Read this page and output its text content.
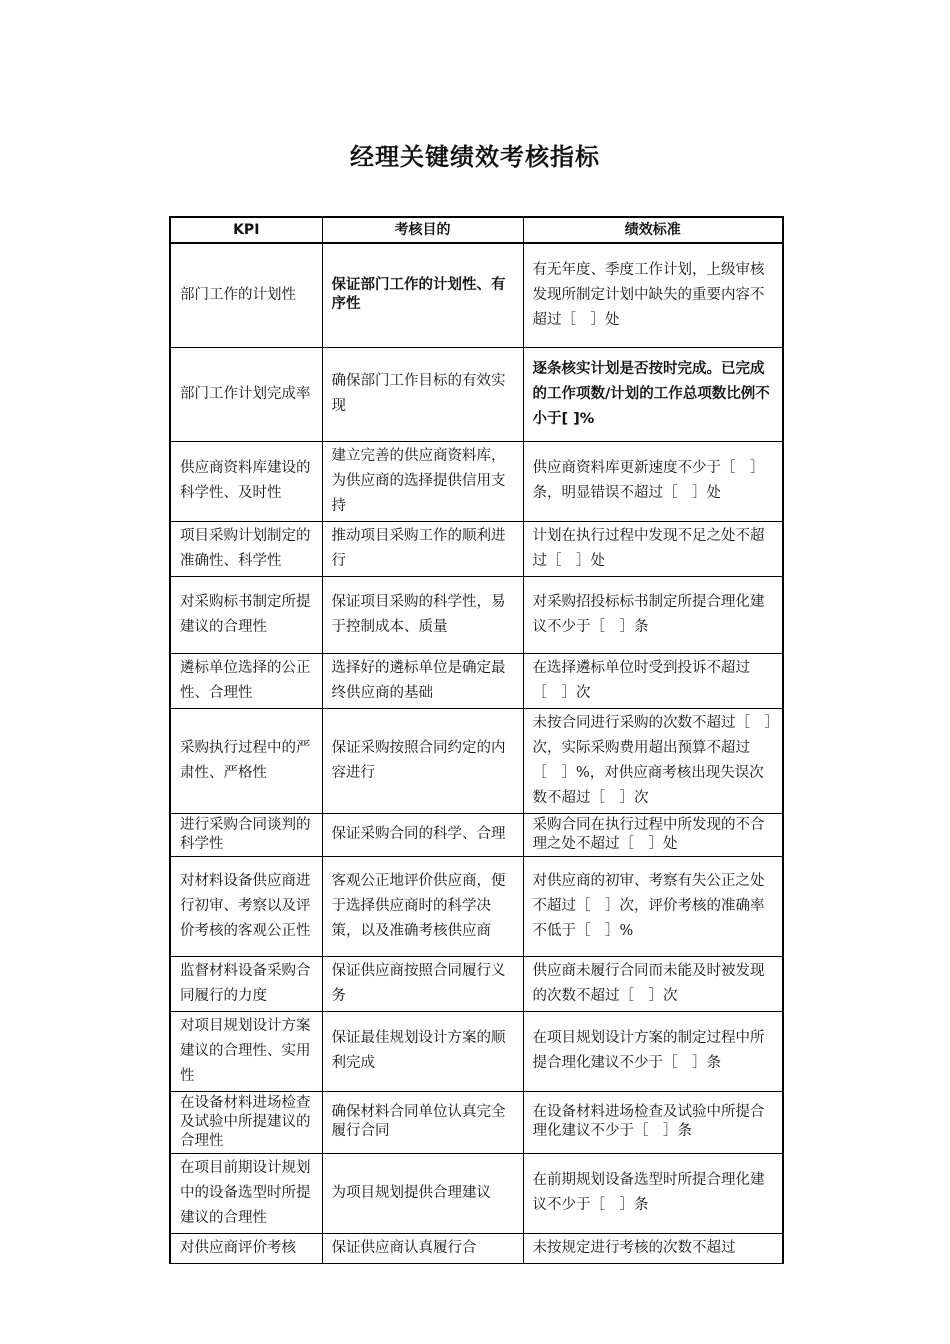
经理关键绩效考核指标
KPI	考核目的	绩效标准
部门工作的计划性	保证部门工作的计划性、有序性	有无年度、季度工作计划，上级审核发现所制定计划中缺失的重要内容不超过［　］处
部门工作计划完成率	确保部门工作目标的有效实现	逐条核实计划是否按时完成。已完成的工作项数/计划的工作总项数比例不小于[ ]%
供应商资料库建设的科学性、及时性	建立完善的供应商资料库，为供应商的选择提供信用支持	供应商资料库更新速度不少于［　］条，明显错误不超过［　］处
项目采购计划制定的准确性、科学性	推动项目采购工作的顺利进行	计划在执行过程中发现不足之处不超过［　］处
对采购标书制定所提建议的合理性	保证项目采购的科学性，易于控制成本、质量	对采购招投标标书制定所提合理化建议不少于［　］条
遴标单位选择的公正性、合理性	选择好的遴标单位是确定最终供应商的基础	在选择遴标单位时受到投诉不超过［　］次
采购执行过程中的严肃性、严格性	保证采购按照合同约定的内容进行	未按合同进行采购的次数不超过［　］次，实际采购费用超出预算不超过［　］%，对供应商考核出现失误次数不超过［　］次
进行采购合同谈判的科学性	保证采购合同的科学、合理	采购合同在执行过程中所发现的不合理之处不超过［　］处
对材料设备供应商进行初审、考察以及评价考核的客观公正性	客观公正地评价供应商，便于选择供应商时的科学决策，以及准确考核供应商	对供应商的初审、考察有失公正之处不超过［　］次，评价考核的准确率不低于［　］%
监督材料设备采购合同履行的力度	保证供应商按照合同履行义务	供应商未履行合同而未能及时被发现的次数不超过［　］次
对项目规划设计方案建议的合理性、实用性	保证最佳规划设计方案的顺利完成	在项目规划设计方案的制定过程中所提合理化建议不少于［　］条
在设备材料进场检查及试验中所提建议的合理性	确保材料合同单位认真完全履行合同	在设备材料进场检查及试验中所提合理化建议不少于［　］条
在项目前期设计规划中的设备选型时所提建议的合理性	为项目规划提供合理建议	在前期规划设备选型时所提合理化建议不少于［　］条
对供应商评价考核	保证供应商认真履行合	未按规定进行考核的次数不超过
